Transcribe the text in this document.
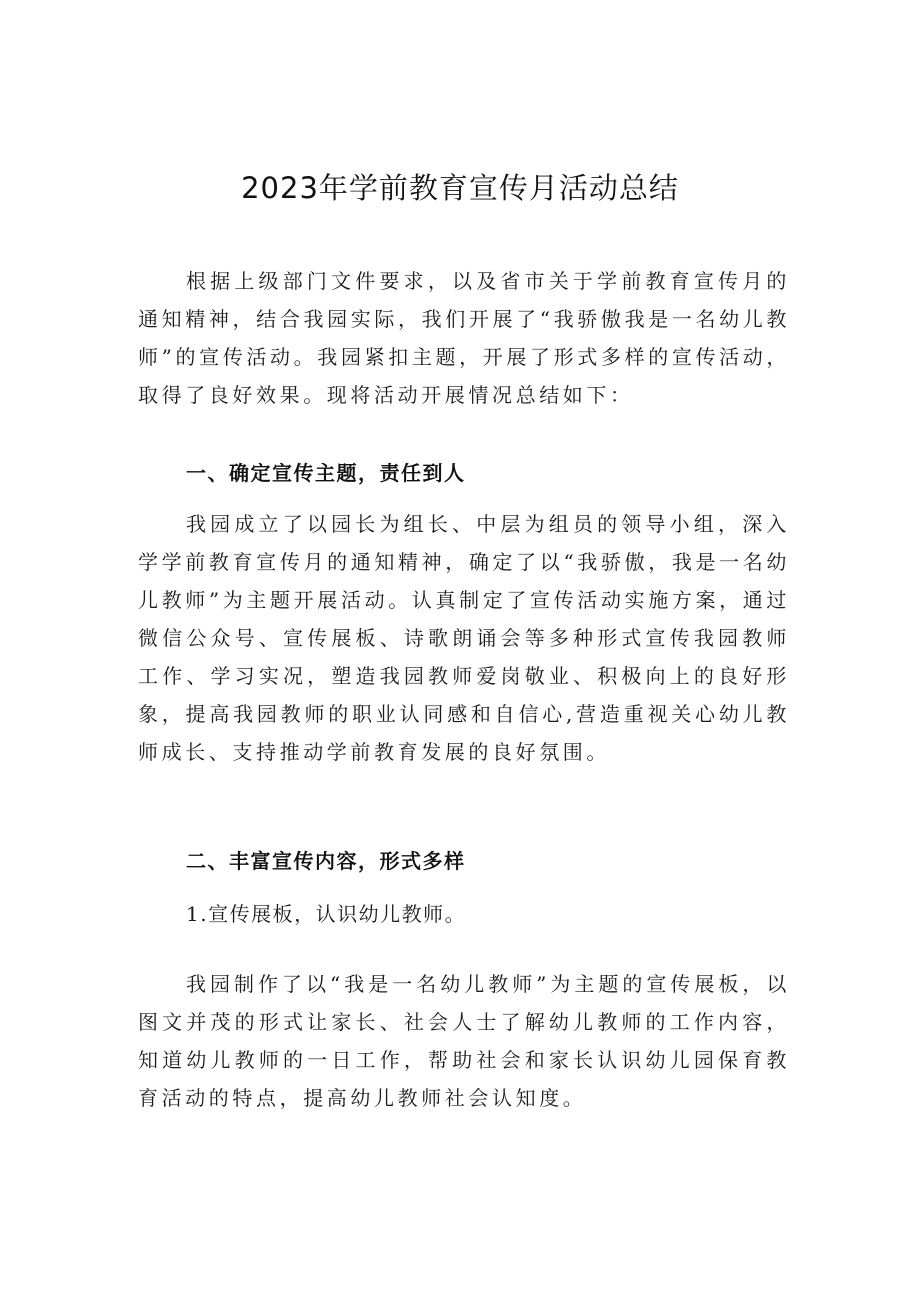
2023年学前教育宣传月活动总结

根据上级部门文件要求，以及省市关于学前教育宣传月的通知精神，结合我园实际，我们开展了“我骄傲我是一名幼儿教师”的宣传活动。我园紧扣主题，开展了形式多样的宣传活动，取得了良好效果。现将活动开展情况总结如下：

一、确定宣传主题，责任到人

我园成立了以园长为组长、中层为组员的领导小组，深入学学前教育宣传月的通知精神，确定了以“我骄傲，我是一名幼儿教师”为主题开展活动。认真制定了宣传活动实施方案，通过微信公众号、宣传展板、诗歌朗诵会等多种形式宣传我园教师工作、学习实况，塑造我园教师爱岗敬业、积极向上的良好形象，提高我园教师的职业认同感和自信心,营造重视关心幼儿教师成长、支持推动学前教育发展的良好氛围。

二、丰富宣传内容，形式多样

1.宣传展板，认识幼儿教师。

我园制作了以“我是一名幼儿教师”为主题的宣传展板，以图文并茂的形式让家长、社会人士了解幼儿教师的工作内容，知道幼儿教师的一日工作，帮助社会和家长认识幼儿园保育教育活动的特点，提高幼儿教师社会认知度。
